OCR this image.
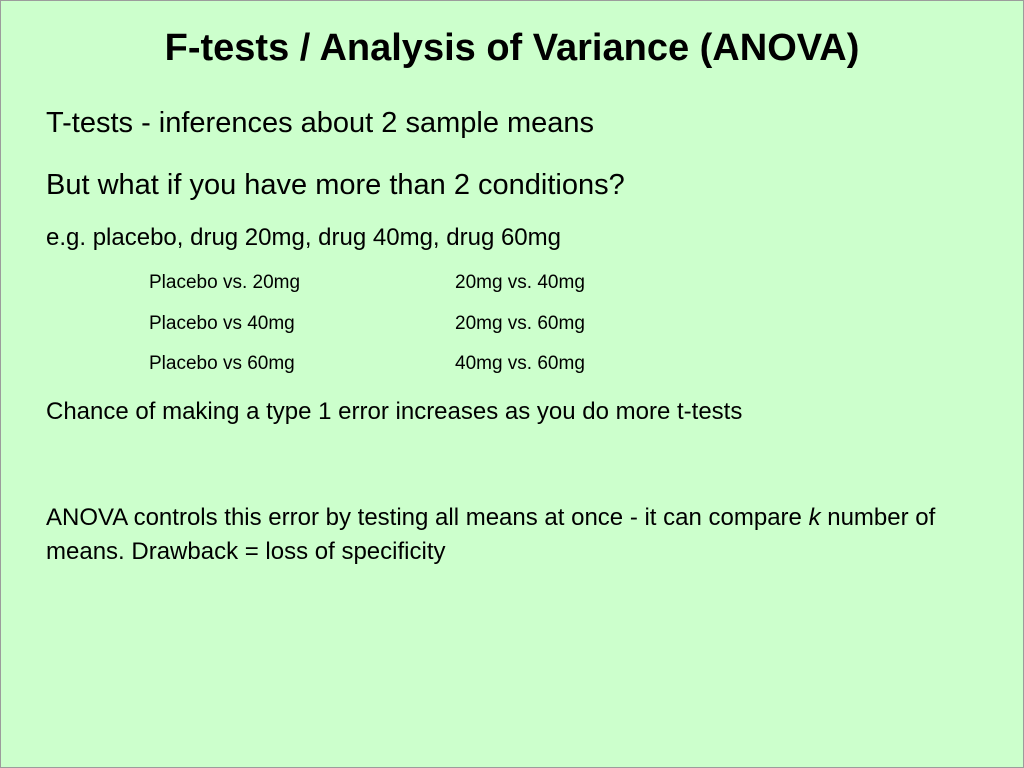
F-tests / Analysis of Variance (ANOVA)
T-tests - inferences about 2 sample means
But what if you have more than 2 conditions?
e.g. placebo, drug 20mg, drug 40mg, drug 60mg
Placebo vs. 20mg	20mg vs. 40mg
Placebo vs 40mg	20mg vs. 60mg
Placebo vs 60mg	40mg vs. 60mg
Chance of making a type 1 error increases as you do more t-tests
ANOVA controls this error by testing all means at once - it can compare k number of means. Drawback = loss of specificity
